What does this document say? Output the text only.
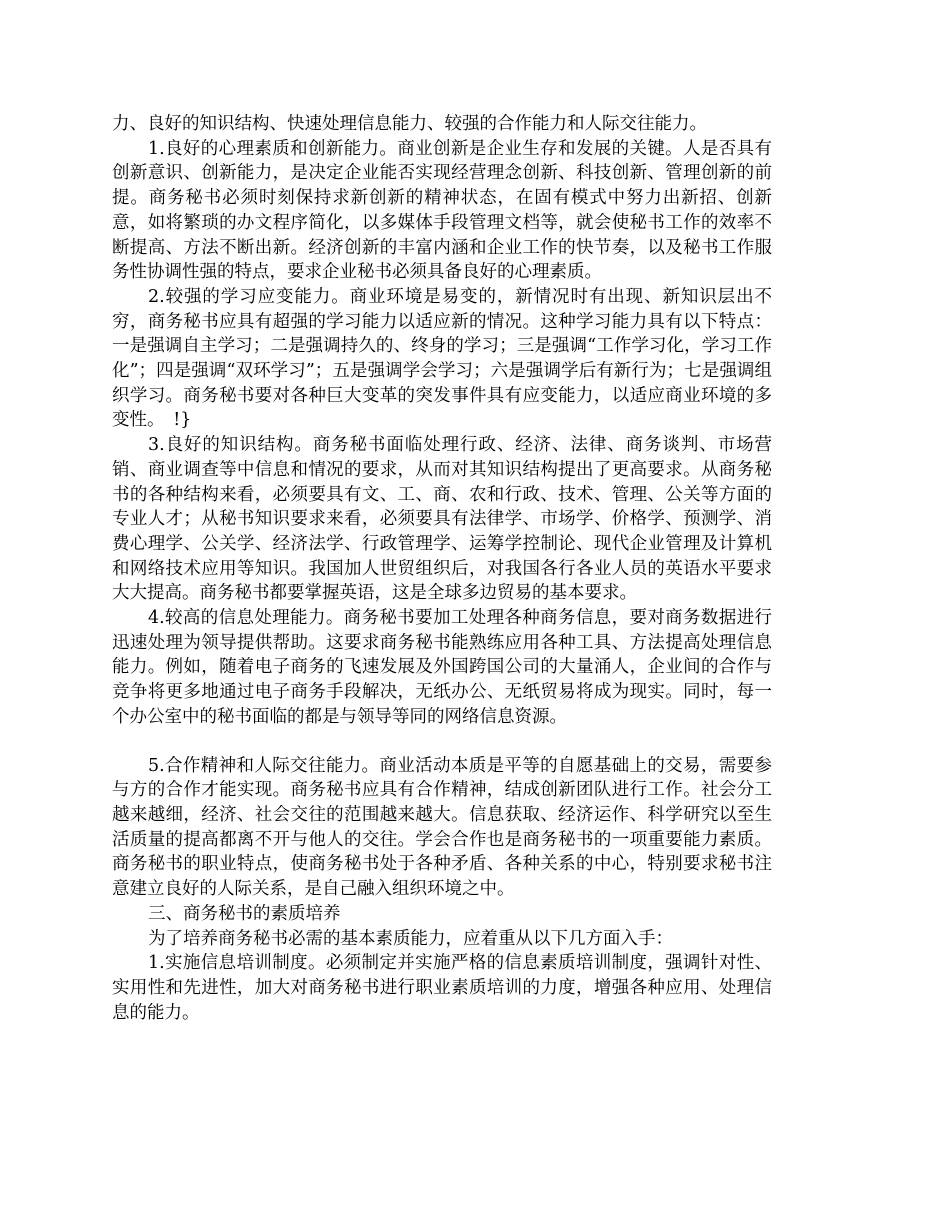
力、良好的知识结构、快速处理信息能力、较强的合作能力和人际交往能力。

1.良好的心理素质和创新能力。商业创新是企业生存和发展的关键。人是否具有创新意识、创新能力，是决定企业能否实现经营理念创新、科技创新、管理创新的前提。商务秘书必须时刻保持求新创新的精神状态，在固有模式中努力出新招、创新意，如将繁琐的办文程序简化，以多媒体手段管理文档等，就会使秘书工作的效率不断提高、方法不断出新。经济创新的丰富内涵和企业工作的快节奏，以及秘书工作服务性协调性强的特点，要求企业秘书必须具备良好的心理素质。

2.较强的学习应变能力。商业环境是易变的，新情况时有出现、新知识层出不穷，商务秘书应具有超强的学习能力以适应新的情况。这种学习能力具有以下特点：一是强调自主学习；二是强调持久的、终身的学习；三是强调“工作学习化，学习工作化”；四是强调“双环学习”；五是强调学会学习；六是强调学后有新行为；七是强调组织学习。商务秘书要对各种巨大变革的突发事件具有应变能力，以适应商业环境的多变性。　!}

3.良好的知识结构。商务秘书面临处理行政、经济、法律、商务谈判、市场营销、商业调查等中信息和情况的要求，从而对其知识结构提出了更高要求。从商务秘书的各种结构来看，必须要具有文、工、商、农和行政、技术、管理、公关等方面的专业人才；从秘书知识要求来看，必须要具有法律学、市场学、价格学、预测学、消费心理学、公关学、经济法学、行政管理学、运筹学控制论、现代企业管理及计算机和网络技术应用等知识。我国加人世贸组织后，对我国各行各业人员的英语水平要求大大提高。商务秘书都要掌握英语，这是全球多边贸易的基本要求。

4.较高的信息处理能力。商务秘书要加工处理各种商务信息，要对商务数据进行迅速处理为领导提供帮助。这要求商务秘书能熟练应用各种工具、方法提高处理信息能力。例如，随着电子商务的飞速发展及外国跨国公司的大量涌人，企业间的合作与竞争将更多地通过电子商务手段解决，无纸办公、无纸贸易将成为现实。同时，每一个办公室中的秘书面临的都是与领导等同的网络信息资源。

5.合作精神和人际交往能力。商业活动本质是平等的自愿基础上的交易，需要参与方的合作才能实现。商务秘书应具有合作精神，结成创新团队进行工作。社会分工越来越细，经济、社会交往的范围越来越大。信息获取、经济运作、科学研究以至生活质量的提高都离不开与他人的交往。学会合作也是商务秘书的一项重要能力素质。商务秘书的职业特点，使商务秘书处于各种矛盾、各种关系的中心，特别要求秘书注意建立良好的人际关系，是自己融入组织环境之中。

三、商务秘书的素质培养

为了培养商务秘书必需的基本素质能力，应着重从以下几方面入手：

1.实施信息培训制度。必须制定并实施严格的信息素质培训制度，强调针对性、实用性和先进性，加大对商务秘书进行职业素质培训的力度，增强各种应用、处理信息的能力。
